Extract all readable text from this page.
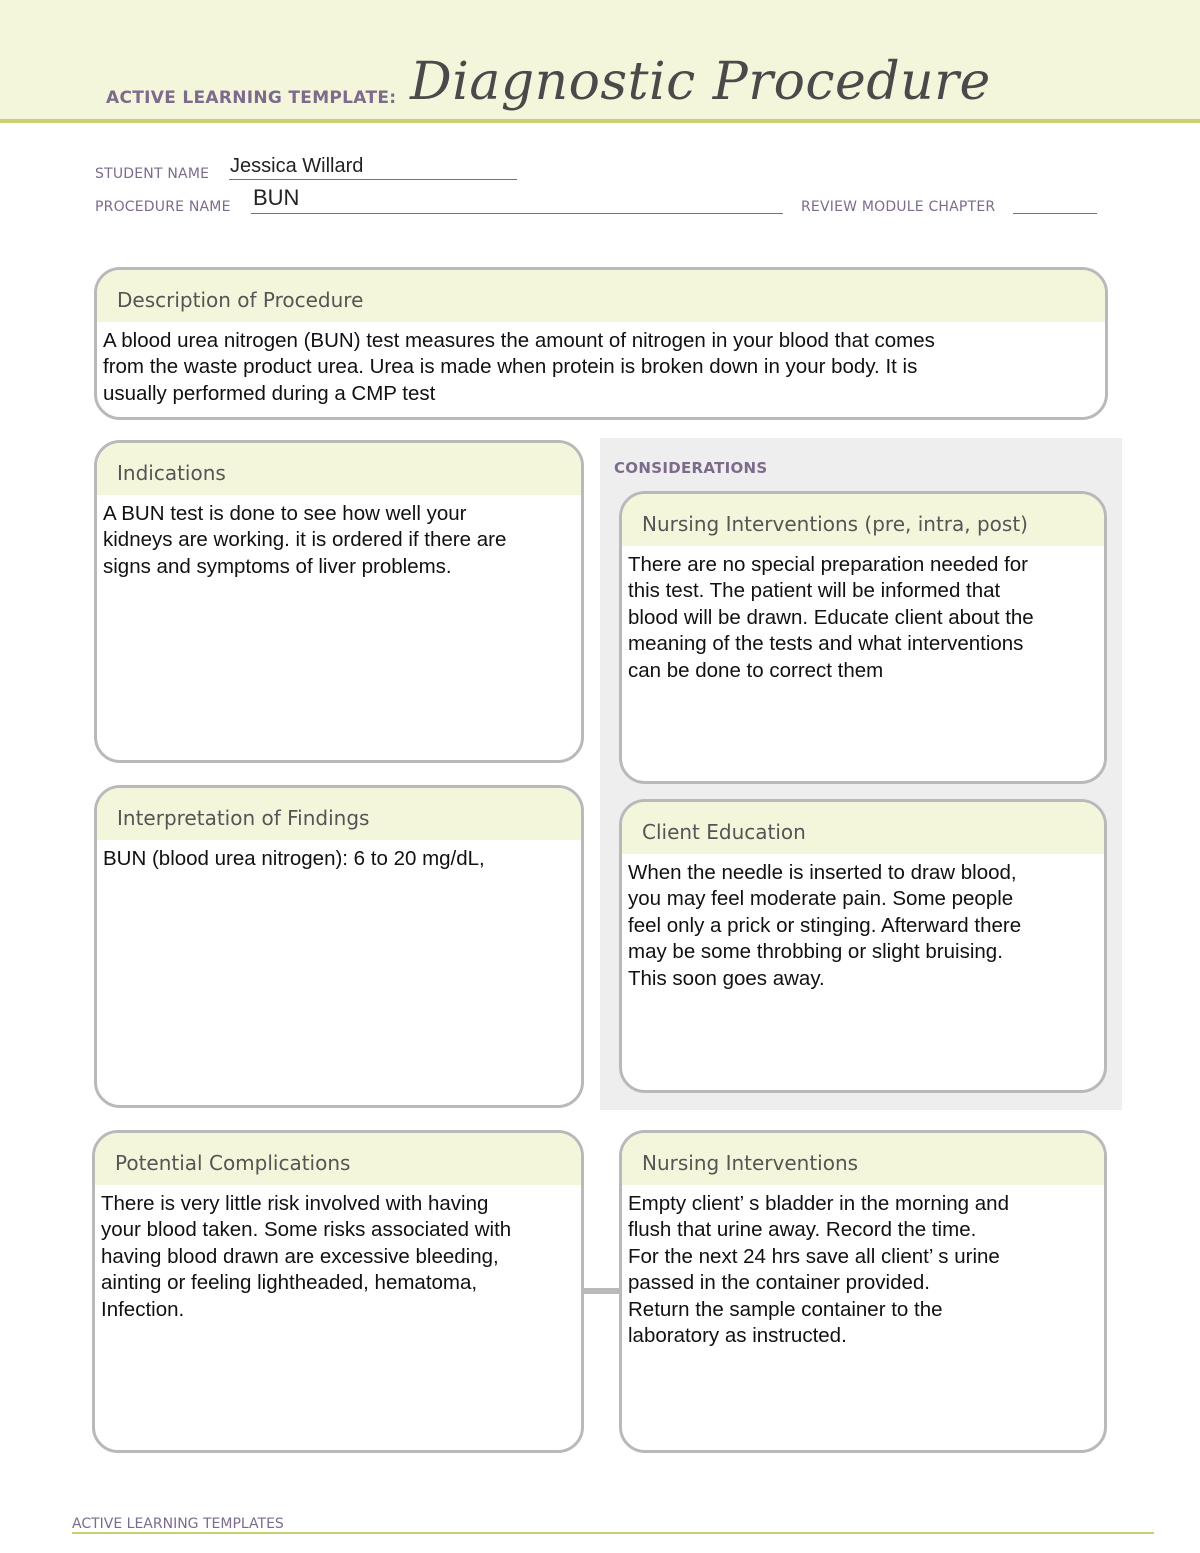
ACTIVE LEARNING TEMPLATE: Diagnostic Procedure
STUDENT NAME Jessica Willard
PROCEDURE NAME BUN	REVIEW MODULE CHAPTER
Description of Procedure
A blood urea nitrogen (BUN) test measures the amount of nitrogen in your blood that comes
from the waste product urea. Urea is made when protein is broken down in your body. It is
usually performed during a CMP test
CONSIDERATIONS
Indications
A BUN test is done to see how well your
kidneys are working. it is ordered if there are
signs and symptoms of liver problems.
Nursing Interventions (pre, intra, post)
There are no special preparation needed for
this test. The patient will be informed that
blood will be drawn. Educate client about the
meaning of the tests and what interventions
can be done to correct them
Interpretation of Findings
BUN (blood urea nitrogen): 6 to 20 mg/dL,
Client Education
When the needle is inserted to draw blood,
you may feel moderate pain. Some people
feel only a prick or stinging. Afterward there
may be some throbbing or slight bruising.
This soon goes away.
Potential Complications
There is very little risk involved with having
your blood taken. Some risks associated with
having blood drawn are excessive bleeding,
ainting or feeling lightheaded, hematoma,
Infection.
Nursing Interventions
Empty client’ s bladder in the morning and
flush that urine away. Record the time.
For the next 24 hrs save all client’ s urine
passed in the container provided.
Return the sample container to the
laboratory as instructed.
ACTIVE LEARNING TEMPLATES
